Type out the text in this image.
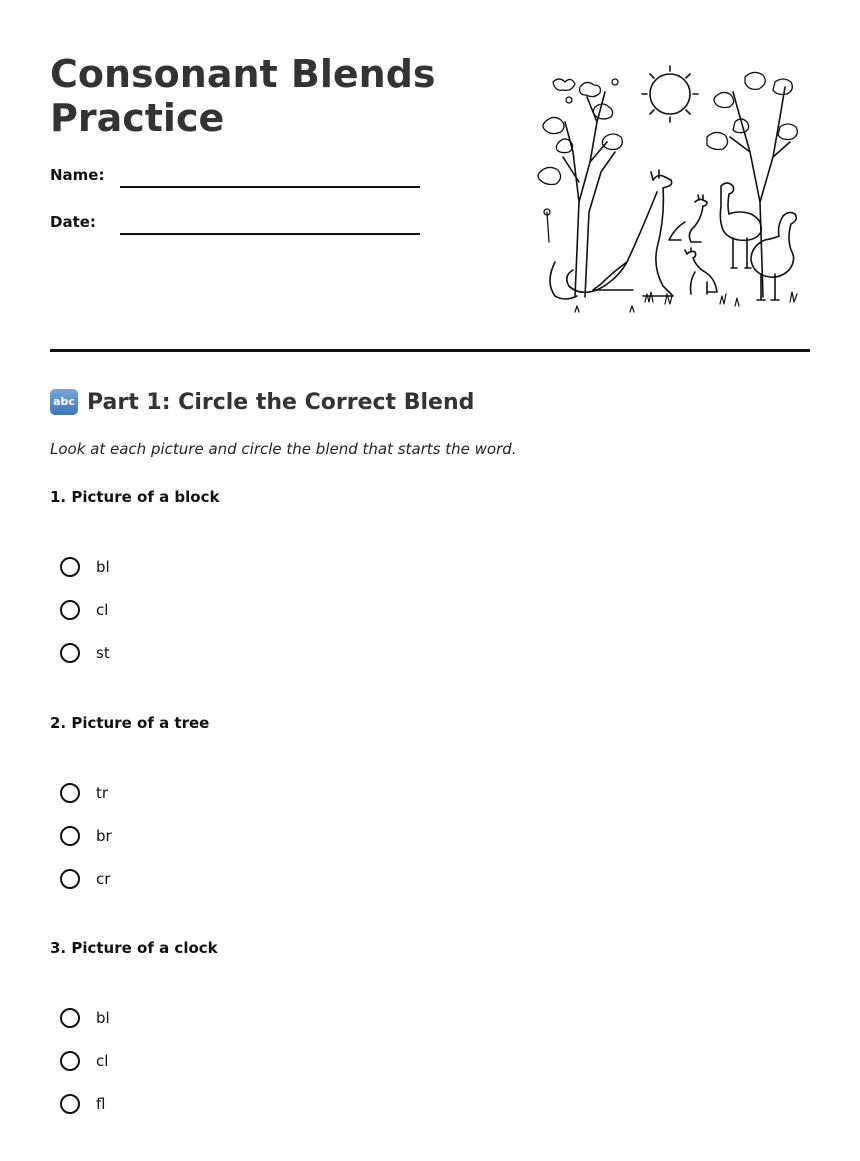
Consonant Blends
Practice
Name:
Date:
abc Part 1: Circle the Correct Blend
Look at each picture and circle the blend that starts the word.
1. Picture of a block
bl
cl
st
2. Picture of a tree
tr
br
cr
3. Picture of a clock
bl
cl
fl
